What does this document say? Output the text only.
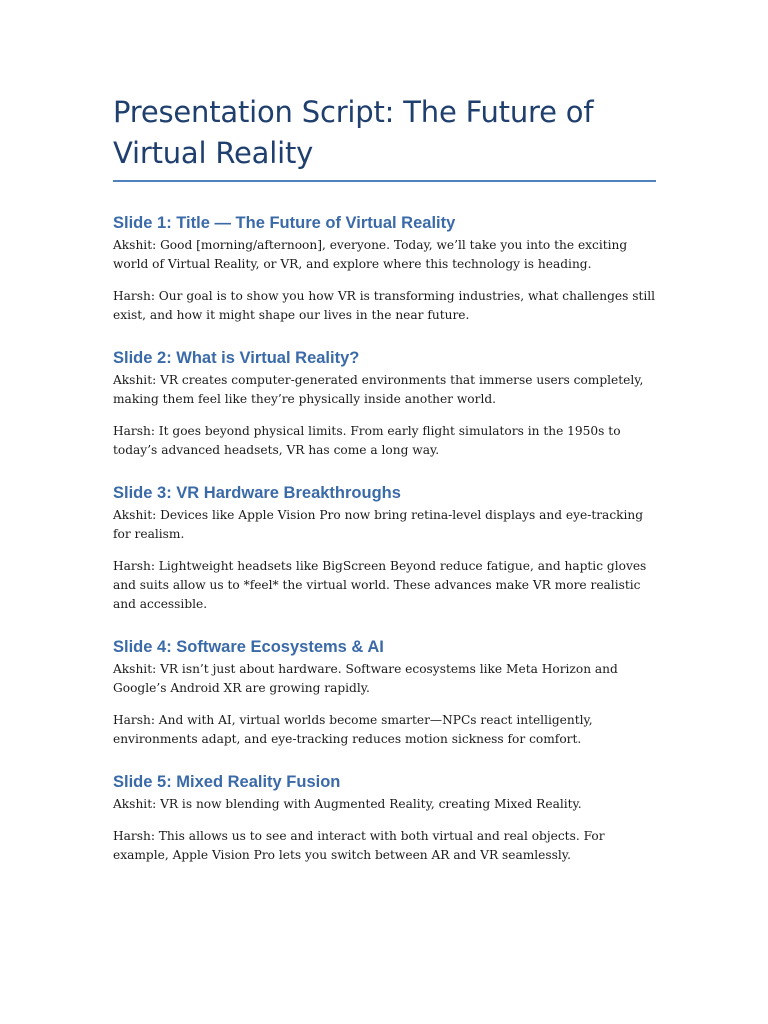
Presentation Script: The Future of Virtual Reality
Slide 1: Title — The Future of Virtual Reality

Akshit: Good [morning/afternoon], everyone. Today, we’ll take you into the exciting world of Virtual Reality, or VR, and explore where this technology is heading.

Harsh: Our goal is to show you how VR is transforming industries, what challenges still exist, and how it might shape our lives in the near future.

Slide 2: What is Virtual Reality?

Akshit: VR creates computer-generated environments that immerse users completely, making them feel like they’re physically inside another world.

Harsh: It goes beyond physical limits. From early flight simulators in the 1950s to today’s advanced headsets, VR has come a long way.

Slide 3: VR Hardware Breakthroughs

Akshit: Devices like Apple Vision Pro now bring retina-level displays and eye-tracking for realism.

Harsh: Lightweight headsets like BigScreen Beyond reduce fatigue, and haptic gloves and suits allow us to *feel* the virtual world. These advances make VR more realistic and accessible.

Slide 4: Software Ecosystems & AI

Akshit: VR isn’t just about hardware. Software ecosystems like Meta Horizon and Google’s Android XR are growing rapidly.

Harsh: And with AI, virtual worlds become smarter—NPCs react intelligently, environments adapt, and eye-tracking reduces motion sickness for comfort.

Slide 5: Mixed Reality Fusion

Akshit: VR is now blending with Augmented Reality, creating Mixed Reality.

Harsh: This allows us to see and interact with both virtual and real objects. For example, Apple Vision Pro lets you switch between AR and VR seamlessly.
